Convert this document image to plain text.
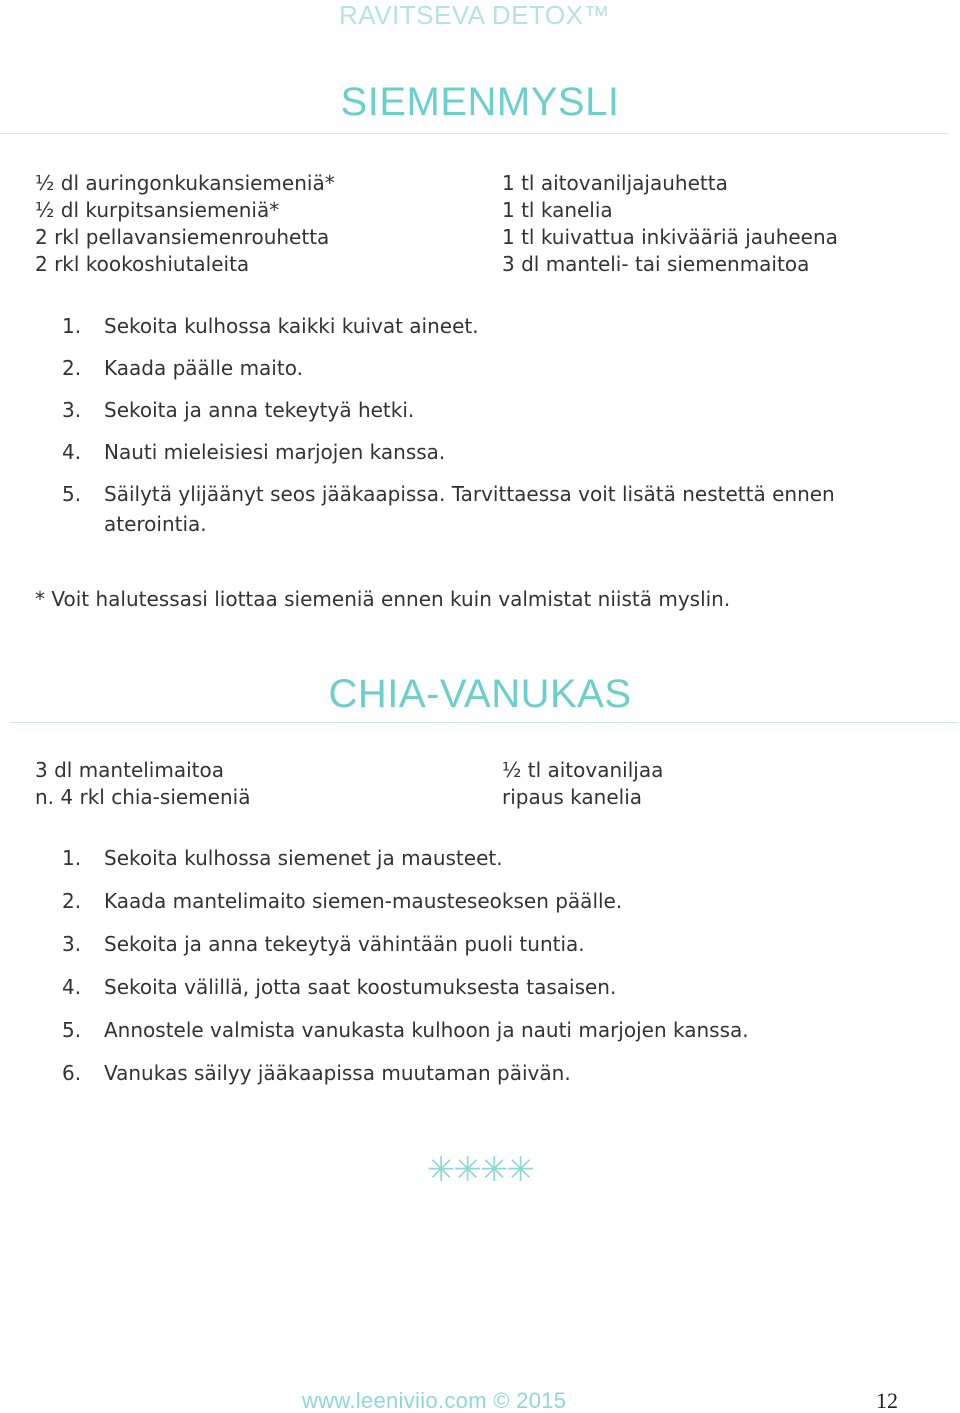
RAVITSEVA DETOX™
SIEMENMYSLI
½ dl auringonkukansiemeniä*
½ dl kurpitsansiemeniä*
2 rkl pellavansiemenrouhetta
2 rkl kookoshiutaleita
1 tl aitovaniljajauhetta
1 tl kanelia
1 tl kuivattua inkivääriä jauheena
3 dl manteli- tai siemenmaitoa
1. Sekoita kulhossa kaikki kuivat aineet.
2. Kaada päälle maito.
3. Sekoita ja anna tekeytyä hetki.
4. Nauti mieleisiesi marjojen kanssa.
5. Säilytä ylijäänyt seos jääkaapissa. Tarvittaessa voit lisätä nestettä ennen aterointia.
* Voit halutessasi liottaa siemeniä ennen kuin valmistat niistä myslin.
CHIA-VANUKAS
3 dl mantelimaitoa
n. 4 rkl chia-siemeniä
½ tl aitovaniljaa
ripaus kanelia
1. Sekoita kulhossa siemenet ja mausteet.
2. Kaada mantelimaito siemen-mausteseoksen päälle.
3. Sekoita ja anna tekeytyä vähintään puoli tuntia.
4. Sekoita välillä, jotta saat koostumuksesta tasaisen.
5. Annostele valmista vanukasta kulhoon ja nauti marjojen kanssa.
6. Vanukas säilyy jääkaapissa muutaman päivän.
✳✳✳✳
www.leeniviio.com © 2015	12
